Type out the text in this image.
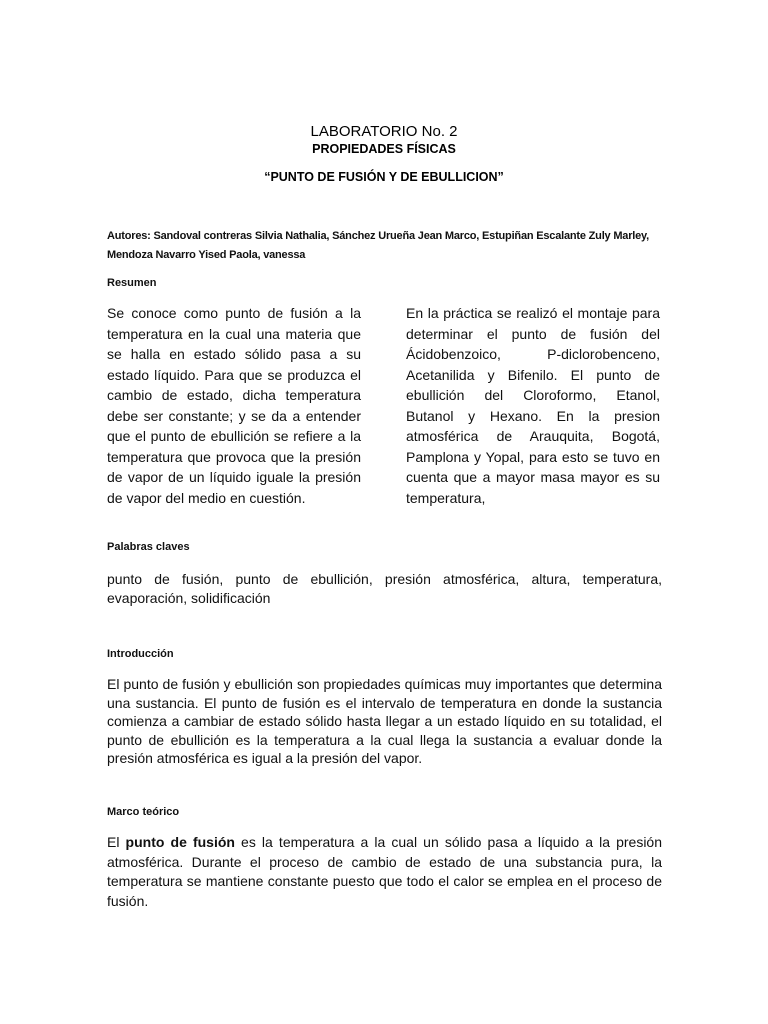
LABORATORIO No. 2
PROPIEDADES FÍSICAS
“PUNTO DE FUSIÓN Y DE EBULLICION”
Autores: Sandoval contreras Silvia Nathalia, Sánchez Urueña Jean Marco, Estupiñan Escalante Zuly Marley, Mendoza Navarro Yised Paola, vanessa
Resumen
Se conoce como punto de fusión a la temperatura en la cual una materia que se halla en estado sólido pasa a su estado líquido. Para que se produzca el cambio de estado, dicha temperatura debe ser constante; y se da a entender que el punto de ebullición se refiere a la temperatura que provoca que la presión de vapor de un líquido iguale la presión de vapor del medio en cuestión.
En la práctica se realizó el montaje para determinar el punto de fusión del Ácidobenzoico, P-diclorobenceno, Acetanilida y Bifenilo. El punto de ebullición del Cloroformo, Etanol, Butanol y Hexano. En la presion atmosférica de Arauquita, Bogotá, Pamplona y Yopal, para esto se tuvo en cuenta que a mayor masa mayor es su temperatura,
Palabras claves
punto de fusión, punto de ebullición, presión atmosférica, altura, temperatura, evaporación, solidificación
Introducción
El punto de fusión y ebullición son propiedades químicas muy importantes que determina una sustancia. El punto de fusión es el intervalo de temperatura en donde la sustancia comienza a cambiar de estado sólido hasta llegar a un estado líquido en su totalidad, el punto de ebullición es la temperatura a la cual llega la sustancia a evaluar donde la presión atmosférica es igual a la presión del vapor.
Marco teórico
El punto de fusión es la temperatura a la cual un sólido pasa a líquido a la presión atmosférica. Durante el proceso de cambio de estado de una substancia pura, la temperatura se mantiene constante puesto que todo el calor se emplea en el proceso de fusión.
